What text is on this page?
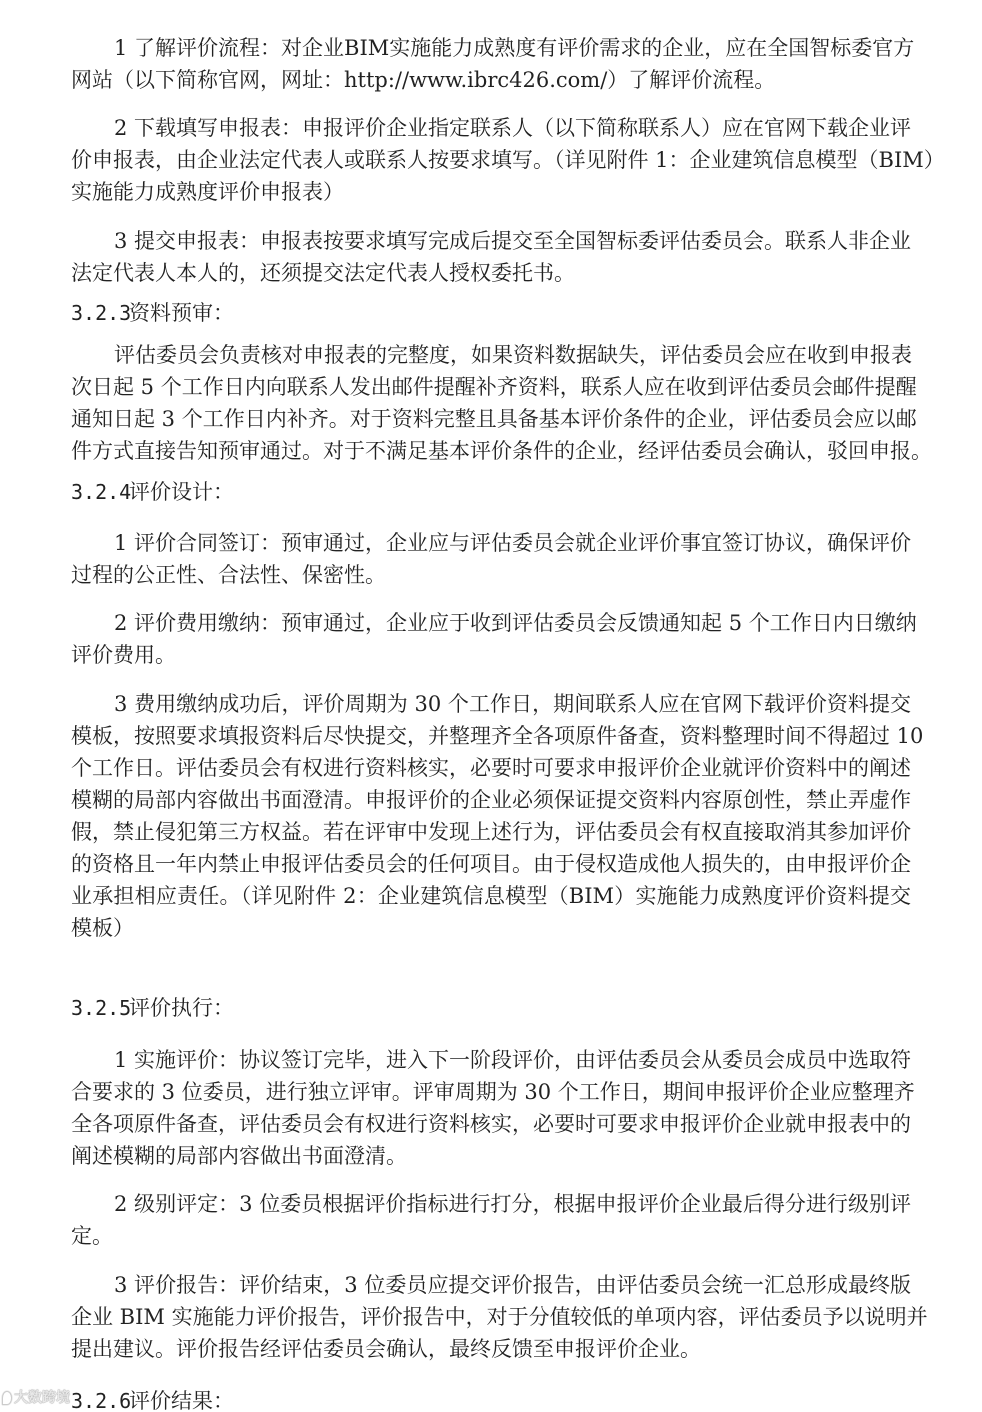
1 了解评价流程：对企业BIM实施能力成熟度有评价需求的企业，应在全国智标委官方
网站（以下简称官网，网址：http://www.ibrc426.com/）了解评价流程。
2 下载填写申报表：申报评价企业指定联系人（以下简称联系人）应在官网下载企业评
价申报表，由企业法定代表人或联系人按要求填写。（详见附件 1：企业建筑信息模型（BIM）
实施能力成熟度评价申报表）
3 提交申报表：申报表按要求填写完成后提交至全国智标委评估委员会。联系人非企业
法定代表人本人的，还须提交法定代表人授权委托书。
3.2.3资料预审：
评估委员会负责核对申报表的完整度，如果资料数据缺失，评估委员会应在收到申报表
次日起 5 个工作日内向联系人发出邮件提醒补齐资料，联系人应在收到评估委员会邮件提醒
通知日起 3 个工作日内补齐。对于资料完整且具备基本评价条件的企业，评估委员会应以邮
件方式直接告知预审通过。对于不满足基本评价条件的企业，经评估委员会确认，驳回申报。
3.2.4评价设计：
1 评价合同签订：预审通过，企业应与评估委员会就企业评价事宜签订协议，确保评价
过程的公正性、合法性、保密性。
2 评价费用缴纳：预审通过，企业应于收到评估委员会反馈通知起 5 个工作日内日缴纳
评价费用。
3 费用缴纳成功后，评价周期为 30 个工作日，期间联系人应在官网下载评价资料提交
模板，按照要求填报资料后尽快提交，并整理齐全各项原件备查，资料整理时间不得超过 10
个工作日。评估委员会有权进行资料核实，必要时可要求申报评价企业就评价资料中的阐述
模糊的局部内容做出书面澄清。申报评价的企业必须保证提交资料内容原创性，禁止弄虚作
假，禁止侵犯第三方权益。若在评审中发现上述行为，评估委员会有权直接取消其参加评价
的资格且一年内禁止申报评估委员会的任何项目。由于侵权造成他人损失的，由申报评价企
业承担相应责任。（详见附件 2：企业建筑信息模型（BIM）实施能力成熟度评价资料提交
模板）
3.2.5评价执行：
1 实施评价：协议签订完毕，进入下一阶段评价，由评估委员会从委员会成员中选取符
合要求的 3 位委员，进行独立评审。评审周期为 30 个工作日，期间申报评价企业应整理齐
全各项原件备查，评估委员会有权进行资料核实，必要时可要求申报评价企业就申报表中的
阐述模糊的局部内容做出书面澄清。
2 级别评定：3 位委员根据评价指标进行打分，根据申报评价企业最后得分进行级别评
定。
3 评价报告：评价结束，3 位委员应提交评价报告，由评估委员会统一汇总形成最终版
企业 BIM 实施能力评价报告，评价报告中，对于分值较低的单项内容，评估委员予以说明并
提出建议。评价报告经评估委员会确认，最终反馈至申报评价企业。
3.2.6评价结果：
大数跨境
